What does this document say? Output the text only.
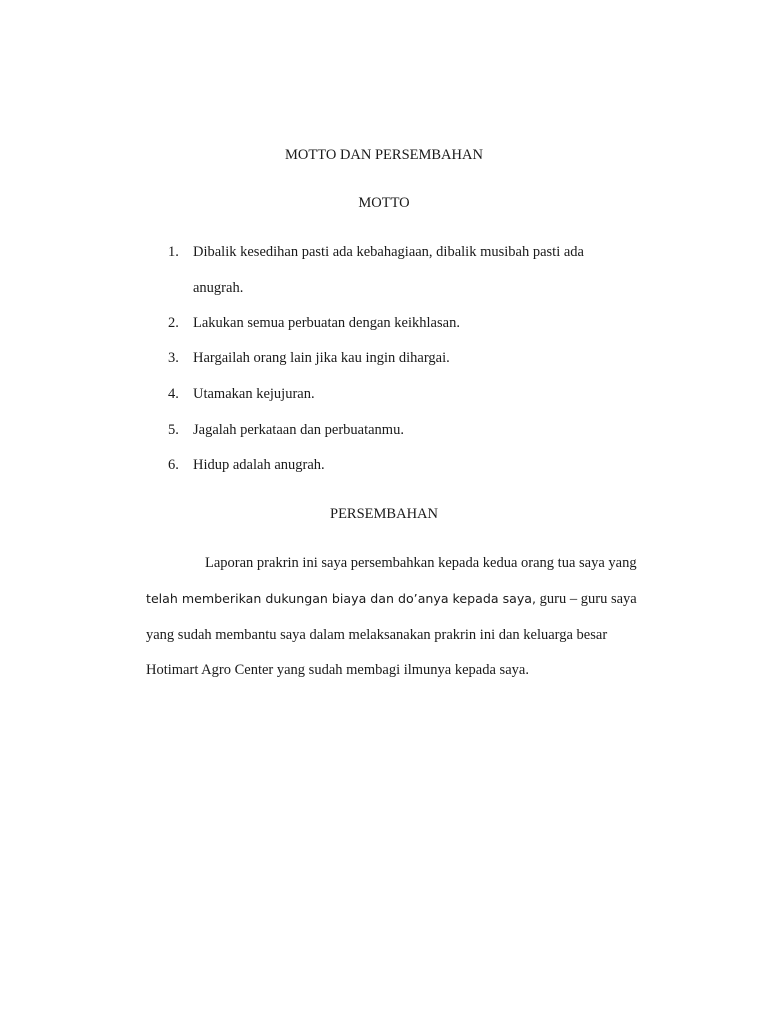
MOTTO DAN PERSEMBAHAN
MOTTO
1. Dibalik kesedihan pasti ada kebahagiaan, dibalik musibah pasti ada
anugrah.
2. Lakukan semua perbuatan dengan keikhlasan.
3. Hargailah orang lain jika kau ingin dihargai.
4. Utamakan kejujuran.
5. Jagalah perkataan dan perbuatanmu.
6. Hidup adalah anugrah.
PERSEMBAHAN
Laporan prakrin ini saya persembahkan kepada kedua orang tua saya yang
telah memberikan dukungan biaya dan do’anya kepada saya, guru – guru saya
yang sudah membantu saya dalam melaksanakan prakrin ini dan keluarga besar
Hotimart Agro Center yang sudah membagi ilmunya kepada saya.
